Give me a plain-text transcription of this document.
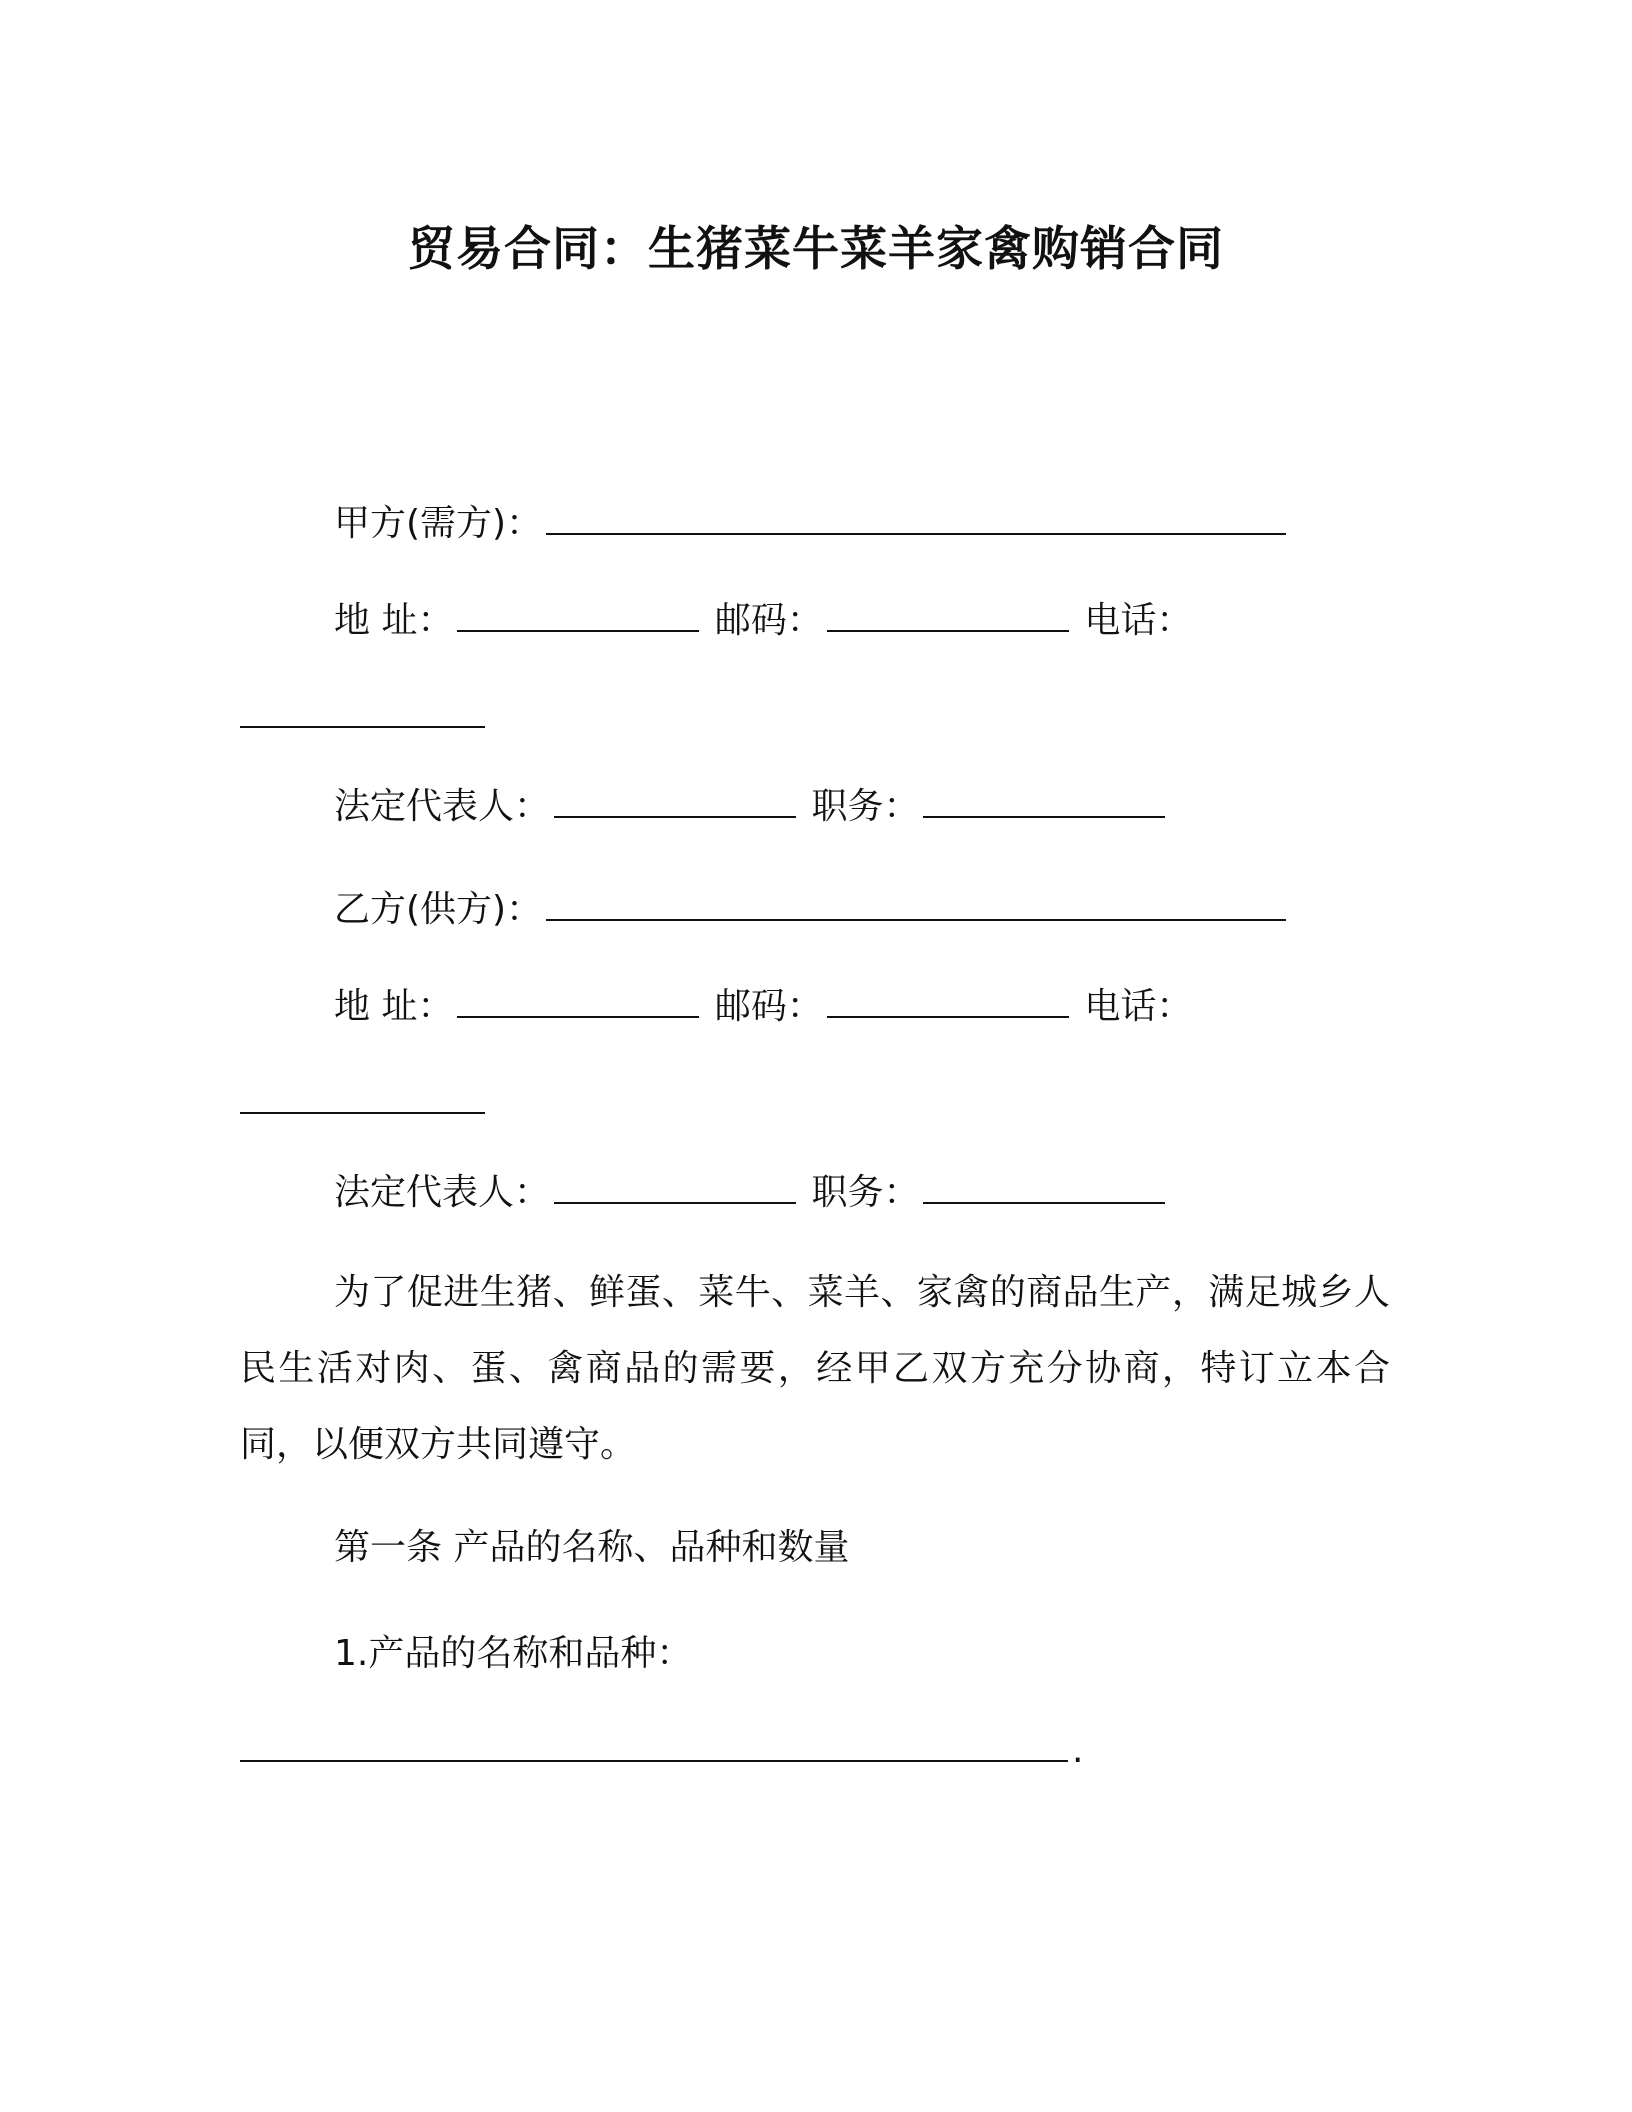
贸易合同：生猪菜牛菜羊家禽购销合同
甲方(需方)：
地 址：	邮码：	电话：
法定代表人：	职务：
乙方(供方)：
地 址：	邮码：	电话：
法定代表人：	职务：
为了促进生猪、鲜蛋、菜牛、菜羊、家禽的商品生产，满足城乡人民生活对肉、蛋、禽商品的需要，经甲乙双方充分协商，特订立本合同，以便双方共同遵守。
第一条 产品的名称、品种和数量
1.产品的名称和品种：
.
